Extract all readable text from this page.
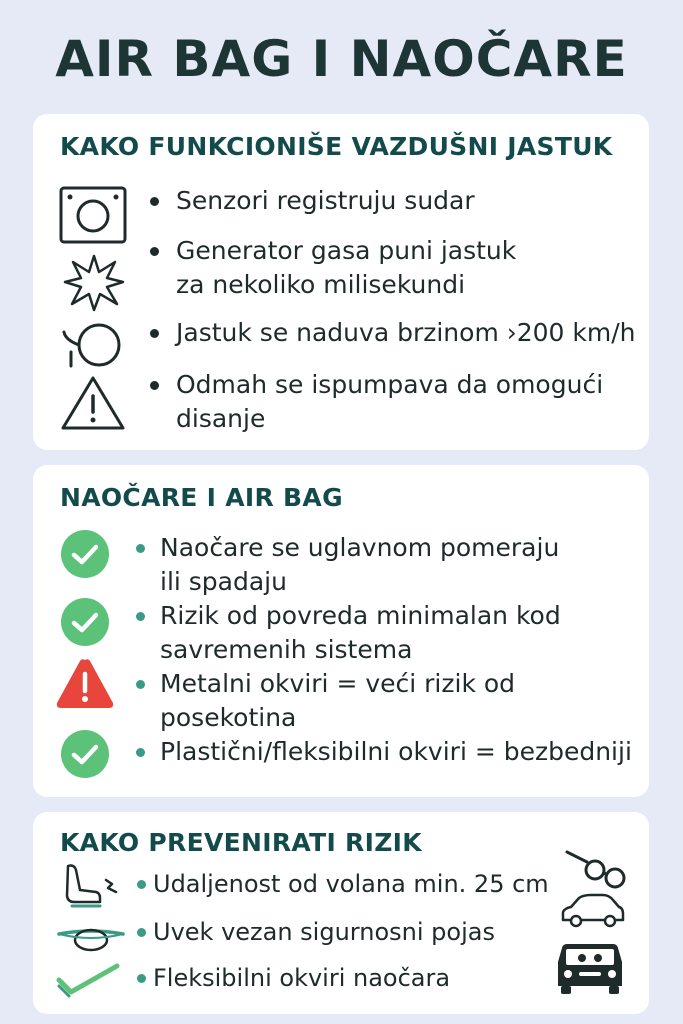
AIR BAG I NAOČARE
KAKO FUNKCIONIŠE VAZDUŠNI JASTUK
Senzori registruju sudar
Generator gasa puni jastuk
za nekoliko milisekundi
Jastuk se naduva brzinom ›200 km/h
Odmah se ispumpava da omogući
disanje
NAOČARE I AIR BAG
Naočare se uglavnom pomeraju
ili spadaju
Rizik od povreda minimalan kod
savremenih sistema
Metalni okviri = veći rizik od
posekotina
Plastični/fleksibilni okviri = bezbedniji
KAKO PREVENIRATI RIZIK
Udaljenost od volana min. 25 cm
Uvek vezan sigurnosni pojas
Fleksibilni okviri naočara
